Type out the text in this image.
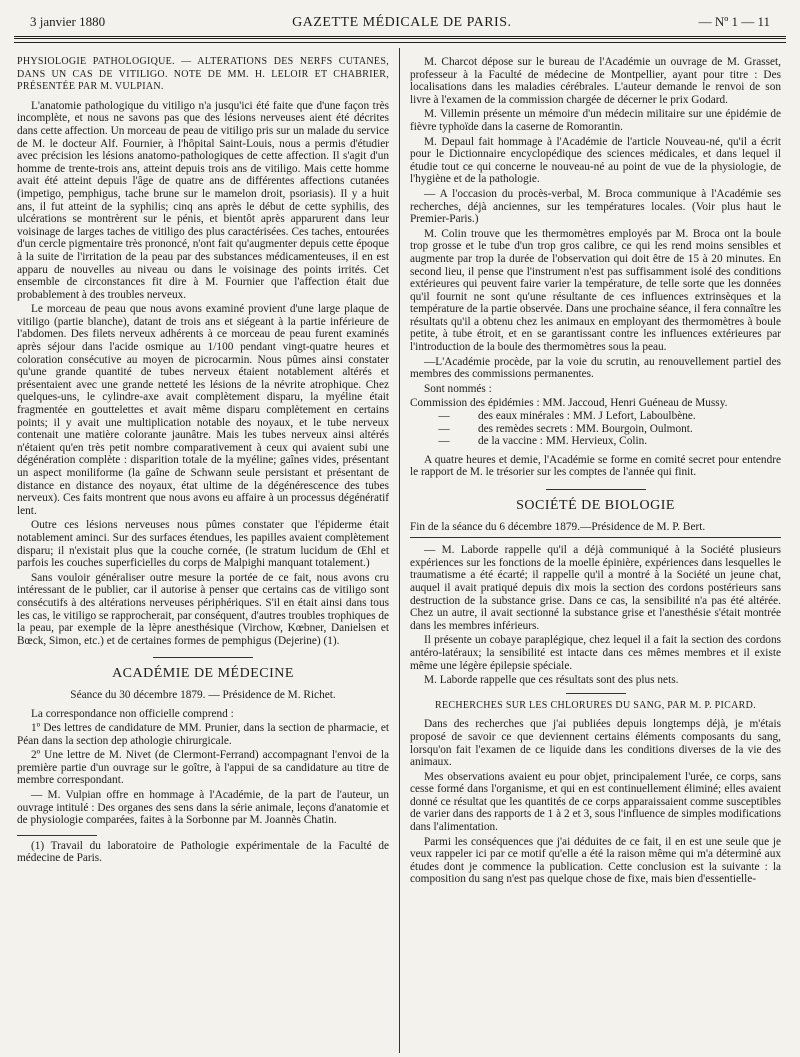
3 janvier 1880	GAZETTE MÉDICALE DE PARIS.	— Nº 1 — 11

PHYSIOLOGIE PATHOLOGIQUE. — ALTÉRATIONS DES NERFS CUTANÉS, DANS UN CAS DE VITILIGO. NOTE DE MM. H. LELOIR ET CHABRIER, PRÉSENTÉE PAR M. VULPIAN.

L'anatomie pathologique du vitiligo n'a jusqu'ici été faite que d'une façon très incomplète, et nous ne savons pas que des lésions nerveuses aient été décrites dans cette affection. Un morceau de peau de vitiligo pris sur un malade du service de M. le docteur Alf. Fournier, à l'hôpital Saint-Louis, nous a permis d'étudier avec précision les lésions anatomo-pathologiques de cette affection. Il s'agit d'un homme de trente-trois ans, atteint depuis trois ans de vitiligo. Mais cette homme avait été atteint depuis l'âge de quatre ans de différentes affections cutanées (impetigo, pemphigus, tache brune sur le mamelon droit, psoriasis). Il y a huit ans, il fut atteint de la syphilis; cinq ans après le début de cette syphilis, des ulcérations se montrèrent sur le pénis, et bientôt après apparurent dans leur voisinage de larges taches de vitiligo des plus caractérisées. Ces taches, entourées d'un cercle pigmentaire très prononcé, n'ont fait qu'augmenter depuis cette époque à la suite de l'irritation de la peau par des substances médicamenteuses, il en est apparu de nouvelles au niveau ou dans le voisinage des points irrités. Cet ensemble de circonstances fit dire à M. Fournier que l'affection était due probablement à des troubles nerveux.

Le morceau de peau que nous avons examiné provient d'une large plaque de vitiligo (partie blanche), datant de trois ans et siégeant à la partie inférieure de l'abdomen. Des filets nerveux adhérents à ce morceau de peau furent examinés après séjour dans l'acide osmique au 1/100 pendant vingt-quatre heures et coloration consécutive au moyen de picrocarmin. Nous pûmes ainsi constater qu'une grande quantité de tubes nerveux étaient notablement altérés et présentaient avec une grande netteté les lésions de la névrite atrophique. Chez quelques-uns, le cylindre-axe avait complètement disparu, la myéline était fragmentée en gouttelettes et avait même disparu complètement en certains points; il y avait une multiplication notable des noyaux, et le tube nerveux contenait une matière colorante jaunâtre. Mais les tubes nerveux ainsi altérés n'étaient qu'en très petit nombre comparativement à ceux qui avaient subi une dégénération complète : disparition totale de la myéline; gaînes vides, présentant un aspect moniliforme (la gaîne de Schwann seule persistant et présentant de distance en distance des noyaux, état ultime de la dégénérescence des tubes nerveux). Ces faits montrent que nous avons eu affaire à un processus dégénératif lent.

Outre ces lésions nerveuses nous pûmes constater que l'épiderme était notablement aminci. Sur des surfaces étendues, les papilles avaient complètement disparu; il n'existait plus que la couche cornée, (le stratum lucidum de Œhl et parfois les couches superficielles du corps de Malpighi manquant totalement.)

Sans vouloir généraliser outre mesure la portée de ce fait, nous avons cru intéressant de le publier, car il autorise à penser que certains cas de vitiligo sont consécutifs à des altérations nerveuses périphériques. S'il en était ainsi dans tous les cas, le vitiligo se rapprocherait, par conséquent, d'autres troubles trophiques de la peau, par exemple de la lèpre anesthésique (Virchow, Kœbner, Danielsen et Bœck, Simon, etc.) et de certaines formes de pemphigus (Dejerine) (1).

ACADÉMIE DE MÉDECINE

Séance du 30 décembre 1879. — Présidence de M. Richet.

La correspondance non officielle comprend :

1º Des lettres de candidature de MM. Prunier, dans la section de pharmacie, et Péan dans la section dep athologie chirurgicale.

2º Une lettre de M. Nivet (de Clermont-Ferrand) accompagnant l'envoi de la première partie d'un ouvrage sur le goître, à l'appui de sa candidature au titre de membre correspondant.

— M. Vulpian offre en hommage à l'Académie, de la part de l'auteur, un ouvrage intitulé : Des organes des sens dans la série animale, leçons d'anatomie et de physiologie comparées, faites à la Sorbonne par M. Joannès Chatin.

(1) Travail du laboratoire de Pathologie expérimentale de la Faculté de médecine de Paris.

M. Charcot dépose sur le bureau de l'Académie un ouvrage de M. Grasset, professeur à la Faculté de médecine de Montpellier, ayant pour titre : Des localisations dans les maladies cérébrales. L'auteur demande le renvoi de son livre à l'examen de la commission chargée de décerner le prix Godard.

M. Villemin présente un mémoire d'un médecin militaire sur une épidémie de fièvre typhoïde dans la caserne de Romorantin.

M. Depaul fait hommage à l'Académie de l'article Nouveau-né, qu'il a écrit pour le Dictionnaire encyclopédique des sciences médicales, et dans lequel il étudie tout ce qui concerne le nouveau-né au point de vue de la physiologie, de l'hygiène et de la pathologie.

— A l'occasion du procès-verbal, M. Broca communique à l'Académie ses recherches, déjà anciennes, sur les températures locales. (Voir plus haut le Premier-Paris.)

M. Colin trouve que les thermomètres employés par M. Broca ont la boule trop grosse et le tube d'un trop gros calibre, ce qui les rend moins sensibles et augmente par trop la durée de l'observation qui doit être de 15 à 20 minutes. En second lieu, il pense que l'instrument n'est pas suffisamment isolé des conditions extérieures qui peuvent faire varier la température, de telle sorte que les données qu'il fournit ne sont qu'une résultante de ces influences extrinsèques et la température de la partie observée. Dans une prochaine séance, il fera connaître les résultats qu'il a obtenu chez les animaux en employant des thermomètres à boule petite, à tube étroit, et en se garantissant contre les influences extérieures par l'introduction de la boule des thermomètres sous la peau.

—L'Académie procède, par la voie du scrutin, au renouvellement partiel des membres des commissions permanentes.

Sont nommés :

Commission des épidémies :
MM. Jaccoud, Henri Guéneau de Mussy.
—	des eaux minérales : MM. J Lefort, Laboulbène.
—	des remèdes secrets : MM. Bourgoin, Oulmont.
—	de la vaccine : MM. Hervieux, Colin.

A quatre heures et demie, l'Académie se forme en comité secret pour entendre le rapport de M. le trésorier sur les comptes de l'année qui finit.

SOCIÉTÉ DE BIOLOGIE

Fin de la séance du 6 décembre 1879.—Présidence de M. P. Bert.

— M. Laborde rappelle qu'il a déjà communiqué à la Société plusieurs expériences sur les fonctions de la moelle épinière, expériences dans lesquelles le traumatisme a été écarté; il rappelle qu'il a montré à la Société un jeune chat, auquel il avait pratiqué depuis dix mois la section des cordons postérieurs sans destruction de la substance grise. Dans ce cas, la sensibilité n'a pas été altérée. Chez un autre, il avait sectionné la substance grise et l'anesthésie s'était montrée dans les membres inférieurs.

Il présente un cobaye paraplégique, chez lequel il a fait la section des cordons antéro-latéraux; la sensibilité est intacte dans ces mêmes membres et il existe même une légère épilepsie spéciale.

M. Laborde rappelle que ces résultats sont des plus nets.

RECHERCHES SUR LES CHLORURES DU SANG, PAR M. P. PICARD.

Dans des recherches que j'ai publiées depuis longtemps déjà, je m'étais proposé de savoir ce que deviennent certains éléments composants du sang, lorsqu'on fait l'examen de ce liquide dans les conditions diverses de la vie des animaux.

Mes observations avaient eu pour objet, principalement l'urée, ce corps, sans cesse formé dans l'organisme, et qui en est continuellement éliminé; elles avaient donné ce résultat que les quantités de ce corps apparaissaient comme susceptibles de varier dans des rapports de 1 à 2 et 3, sous l'influence de simples modifications dans l'alimentation.

Parmi les conséquences que j'ai déduites de ce fait, il en est une seule que je veux rappeler ici par ce motif qu'elle a été la raison même qui m'a déterminé aux études dont je commence la publication. Cette conclusion est la suivante : la composition du sang n'est pas quelque chose de fixe, mais bien d'essentielle-
